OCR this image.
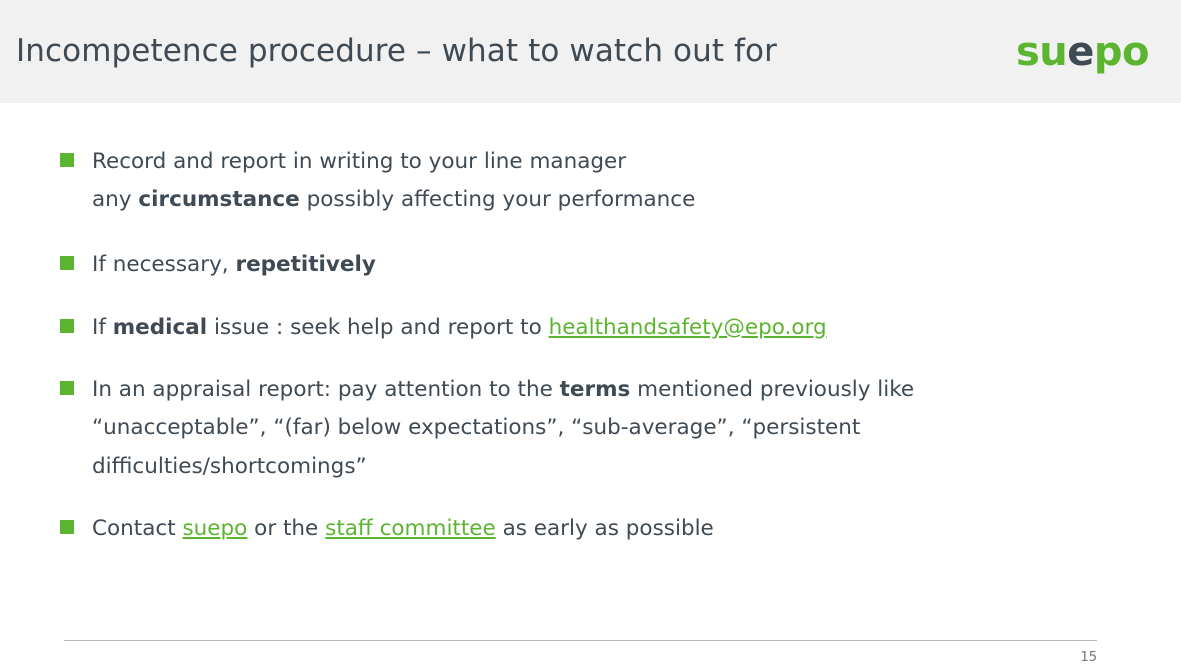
Incompetence procedure – what to watch out for	suepo
Record and report in writing to your line manager
any circumstance possibly affecting your performance
If necessary, repetitively
If medical issue : seek help and report to healthandsafety@epo.org
In an appraisal report: pay attention to the terms mentioned previously like “unacceptable”, “(far) below expectations”, “sub-average”, “persistent difficulties/shortcomings”
Contact suepo or the staff committee as early as possible
15
